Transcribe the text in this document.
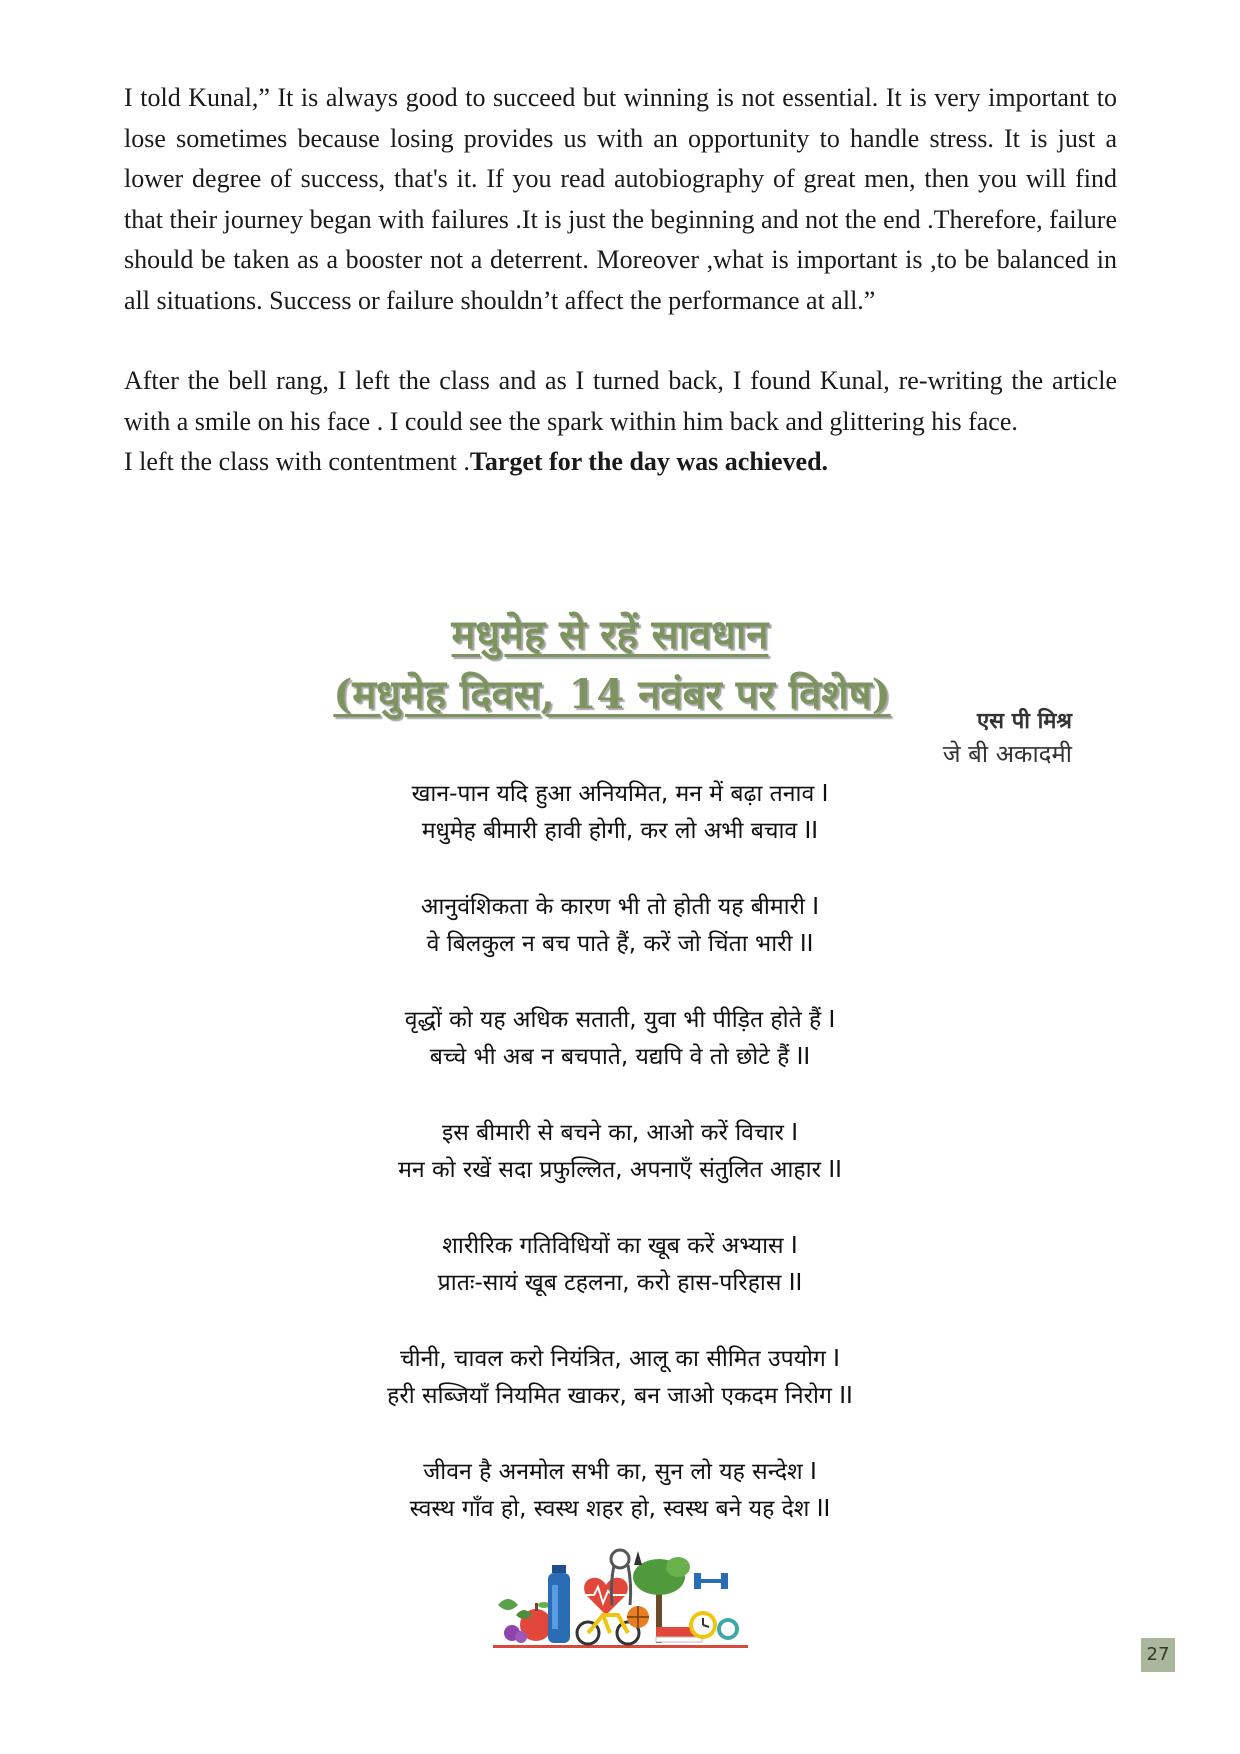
I told Kunal,” It is always good to succeed but winning is not essential. It is very important to lose sometimes because losing provides us with an opportunity to handle stress. It is just a lower degree of success, that's it. If you read autobiography of great men, then you will find that their journey began with failures .It is just the beginning and not the end .Therefore, failure should be taken as a booster not a deterrent. Moreover ,what is important is ,to be balanced in all situations. Success or failure shouldn’t affect the performance at all.”

After the bell rang, I left the class and as I turned back, I found Kunal, re-writing the article with a smile on his face . I could see the spark within him back and glittering his face.

I left the class with contentment .Target for the day was achieved.

मधुमेह से रहें सावधान
(मधुमेह दिवस, 14 नवंबर पर विशेष)
एस पी मिश्र
जे बी अकादमी
खान-पान यदि हुआ अनियमित, मन में बढ़ा तनाव I
मधुमेह बीमारी हावी होगी, कर लो अभी बचाव II
आनुवंशिकता के कारण भी तो होती यह बीमारी I
वे बिलकुल न बच पाते हैं, करें जो चिंता भारी II
वृद्धों को यह अधिक सताती, युवा भी पीड़ित होते हैं I
बच्चे भी अब न बचपाते, यद्यपि वे तो छोटे हैं II
इस बीमारी से बचने का, आओ करें विचार I
मन को रखें सदा प्रफुल्लित, अपनाएँ संतुलित आहार II
शारीरिक गतिविधियों का खूब करें अभ्यास I
प्रातः-सायं खूब टहलना, करो हास-परिहास II
चीनी, चावल करो नियंत्रित, आलू का सीमित उपयोग I
हरी सब्जियाँ नियमित खाकर, बन जाओ एकदम निरोग II
जीवन है अनमोल सभी का, सुन लो यह सन्देश I
स्वस्थ गाँव हो, स्वस्थ शहर हो, स्वस्थ बने यह देश II
27
